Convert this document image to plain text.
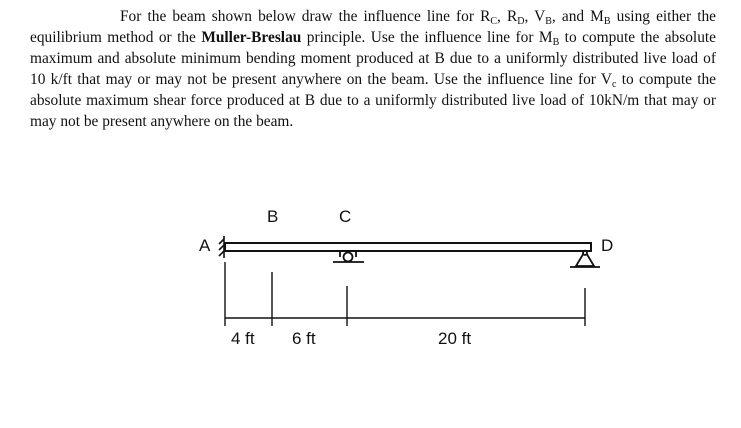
For the beam shown below draw the influence line for $R_C$, $R_D$, $V_B$, and $M_B$ using either the equilibrium method or the Muller-Breslau principle. Use the influence line for $M_B$ to compute the absolute maximum and absolute minimum bending moment produced at B due to a uniformly distributed live load of 10 k/ft that may or may not be present anywhere on the beam. Use the influence line for $V_c$ to compute the absolute maximum shear force produced at B due to a uniformly distributed live load of 10kN/m that may or may not be present anywhere on the beam.

A
B	C
D
4 ft 6 ft	20 ft
